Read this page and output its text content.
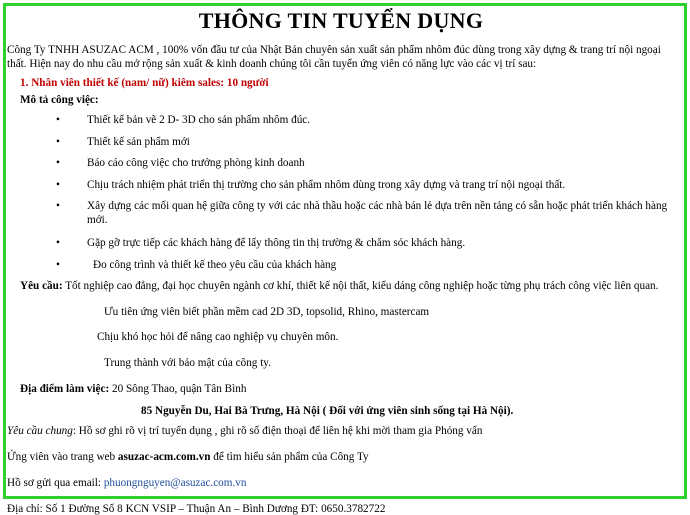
THÔNG TIN TUYỂN DỤNG
Công Ty TNHH ASUZAC ACM , 100% vốn đầu tư của Nhật Bản chuyên sản xuất sản phẩm nhôm đúc dùng trong xây dựng & trang trí nội ngoại thất. Hiện nay do nhu cầu mở rộng sản xuất & kinh doanh chúng tôi cần tuyển ứng viên có năng lực vào các vị trí sau:
1. Nhân viên thiết kế (nam/ nữ) kiêm sales: 10 người
Mô tả công việc:
• Thiết kế bản vẽ 2 D- 3D cho sản phẩm nhôm đúc.
• Thiết kế sản phẩm mới
• Báo cáo công việc cho trưởng phòng kinh doanh
• Chịu trách nhiệm phát triển thị trường cho sản phẩm nhôm dùng trong xây dựng và trang trí nội ngoại thất.
• Xây dựng các mối quan hệ giữa công ty với các nhà thầu hoặc các nhà bán lẻ dựa trên nền tảng có sẵn hoặc phát triển khách hàng mới.
• Gặp gỡ trực tiếp các khách hàng để lấy thông tin thị trường & chăm sóc khách hàng.
• Đo công trình và thiết kế theo yêu cầu của khách hàng
Yêu cầu: Tốt nghiệp cao đẳng, đại học chuyên ngành cơ khí, thiết kế nội thất, kiểu dáng công nghiệp hoặc từng phụ trách công việc liên quan.
Ưu tiên ứng viên biết phần mềm cad 2D 3D, topsolid, Rhino, mastercam
Chịu khó học hỏi để nâng cao nghiệp vụ chuyên môn.
Trung thành với bảo mật của công ty.
Địa điểm làm việc: 20 Sông Thao, quận Tân Bình
85 Nguyễn Du, Hai Bà Trưng, Hà Nội ( Đối với ứng viên sinh sống tại Hà Nội).
Yêu cầu chung: Hồ sơ ghi rõ vị trí tuyển dụng , ghi rõ số điện thoại để liên hệ khi mời tham gia Phỏng vấn
Ứng viên vào trang web asuzac-acm.com.vn để tìm hiểu sản phẩm của Công Ty
Hồ sơ gửi qua email: phuongnguyen@asuzac.com.vn
Địa chỉ: Số 1 Đường Số 8 KCN VSIP – Thuận An – Bình Dương ĐT: 0650.3782722
